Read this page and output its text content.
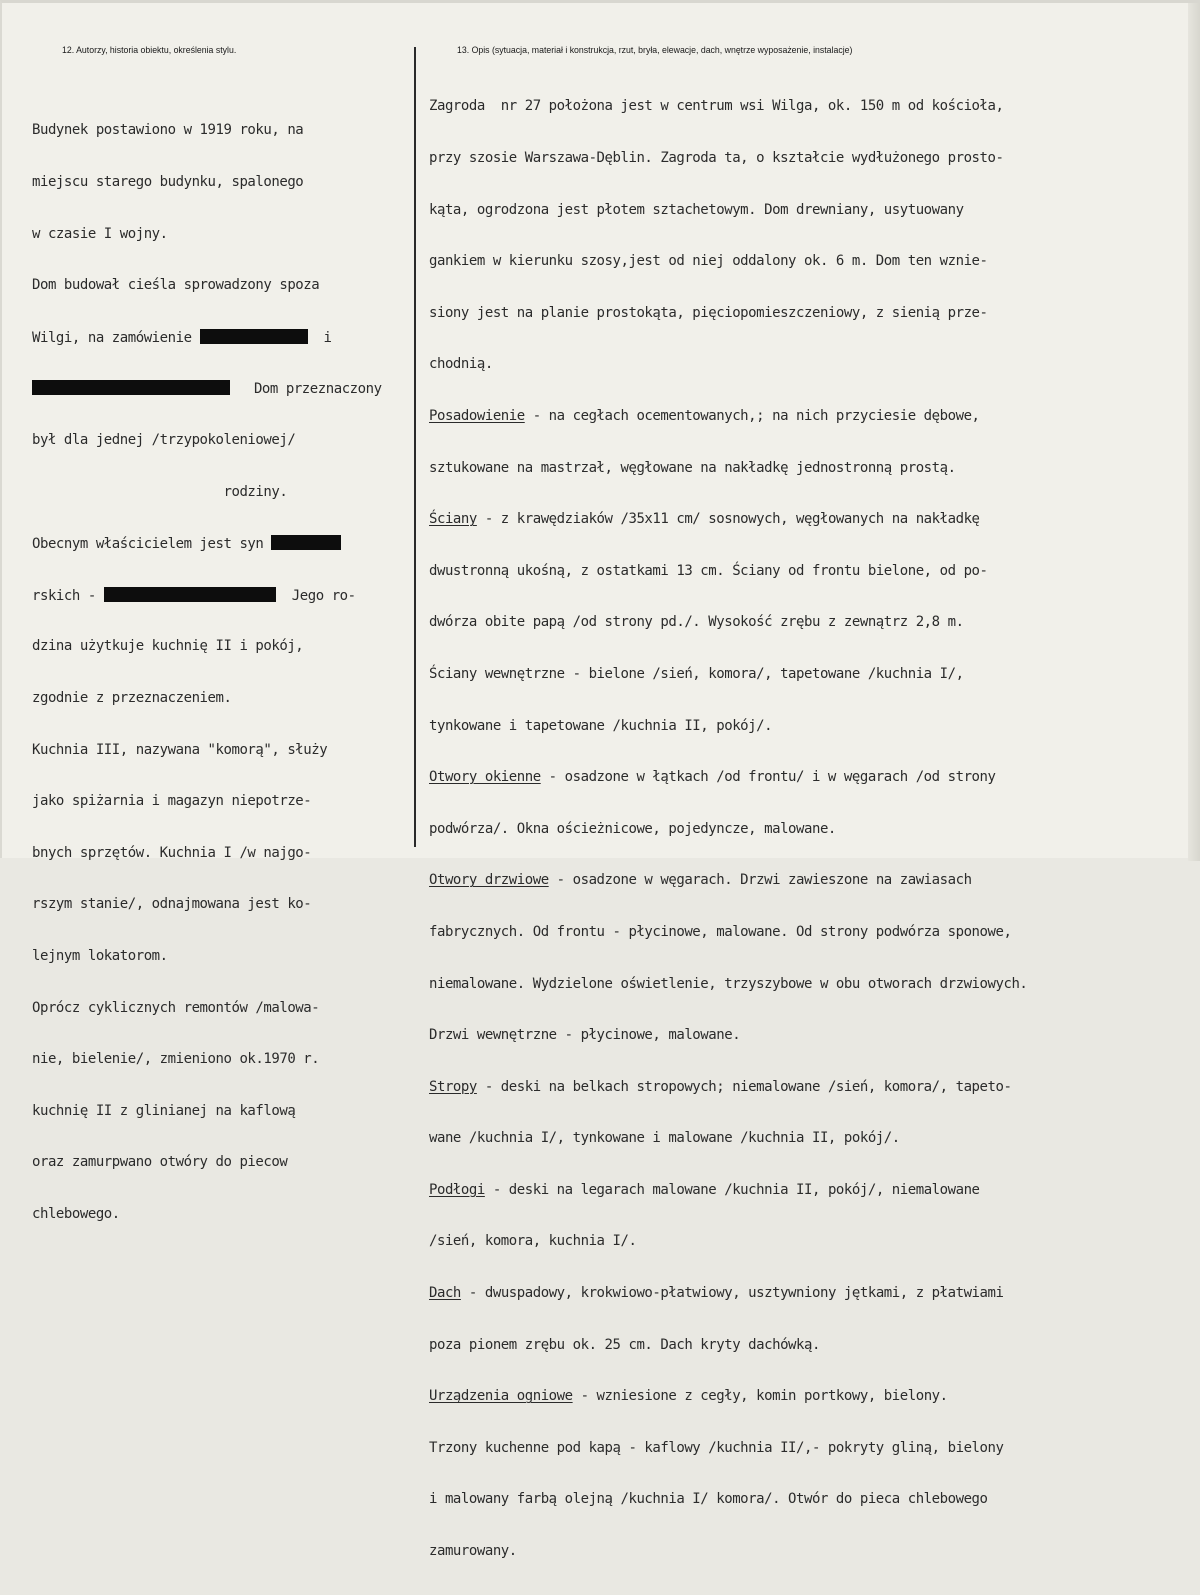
12. Autorzy, historia obiektu, określenia stylu.	13. Opis (sytuacja, materiał i konstrukcja, rzut, bryła, elewacje, dach, wnętrze wyposażenie, instalacje)

Budynek postawiono w 1919 roku, na

miejscu starego budynku, spalonego

w czasie I wojny.

Dom budował cieśla sprowadzony spoza

Wilgi, na zamówienie	i

Dom przeznaczony

był dla jednej /trzypokoleniowej/

rodziny.

Obecnym właścicielem jest syn

rskich -	Jego ro-

dzina użytkuje kuchnię II i pokój,

zgodnie z przeznaczeniem.

Kuchnia III, nazywana "komorą", służy

jako spiżarnia i magazyn niepotrze-

bnych sprzętów. Kuchnia I /w najgo-

rszym stanie/, odnajmowana jest ko-

lejnym lokatorom.

Oprócz cyklicznych remontów /malowa-

nie, bielenie/, zmieniono ok.1970 r.

kuchnię II z glinianej na kaflową

oraz zamurpwano otwóry do piecow

chlebowego.

Zagroda  nr 27 położona jest w centrum wsi Wilga, ok. 150 m od kościoła,

przy szosie Warszawa-Dęblin. Zagroda ta, o kształcie wydłużonego prosto-

kąta, ogrodzona jest płotem sztachetowym. Dom drewniany, usytuowany

gankiem w kierunku szosy,jest od niej oddalony ok. 6 m. Dom ten wznie-

siony jest na planie prostokąta, pięciopomieszczeniowy, z sienią prze-

chodnią.

Posadowienie - na cegłach ocementowanych,; na nich przyciesie dębowe,

sztukowane na mastrzał, węgłowane na nakładkę jednostronną prostą.

Ściany - z krawędziaków /35x11 cm/ sosnowych, węgłowanych na nakładkę

dwustronną ukośną, z ostatkami 13 cm. Ściany od frontu bielone, od po-

dwórza obite papą /od strony pd./. Wysokość zrębu z zewnątrz 2,8 m.

Ściany wewnętrzne - bielone /sień, komora/, tapetowane /kuchnia I/,

tynkowane i tapetowane /kuchnia II, pokój/.

Otwory okienne - osadzone w łątkach /od frontu/ i w węgarach /od strony

podwórza/. Okna ościeżnicowe, pojedyncze, malowane.

Otwory drzwiowe - osadzone w węgarach. Drzwi zawieszone na zawiasach

fabrycznych. Od frontu - płycinowe, malowane. Od strony podwórza sponowe,

niemalowane. Wydzielone oświetlenie, trzyszybowe w obu otworach drzwiowych.

Drzwi wewnętrzne - płycinowe, malowane.

Stropy - deski na belkach stropowych; niemalowane /sień, komora/, tapeto-

wane /kuchnia I/, tynkowane i malowane /kuchnia II, pokój/.

Podłogi - deski na legarach malowane /kuchnia II, pokój/, niemalowane

/sień, komora, kuchnia I/.

Dach - dwuspadowy, krokwiowo-płatwiowy, usztywniony jętkami, z płatwiami

poza pionem zrębu ok. 25 cm. Dach kryty dachówką.

Urządzenia ogniowe - wzniesione z cegły, komin portkowy, bielony.

Trzony kuchenne pod kapą - kaflowy /kuchnia II/,- pokryty gliną, bielony

i malowany farbą olejną /kuchnia I/ komora/. Otwór do pieca chlebowego

zamurowany.
